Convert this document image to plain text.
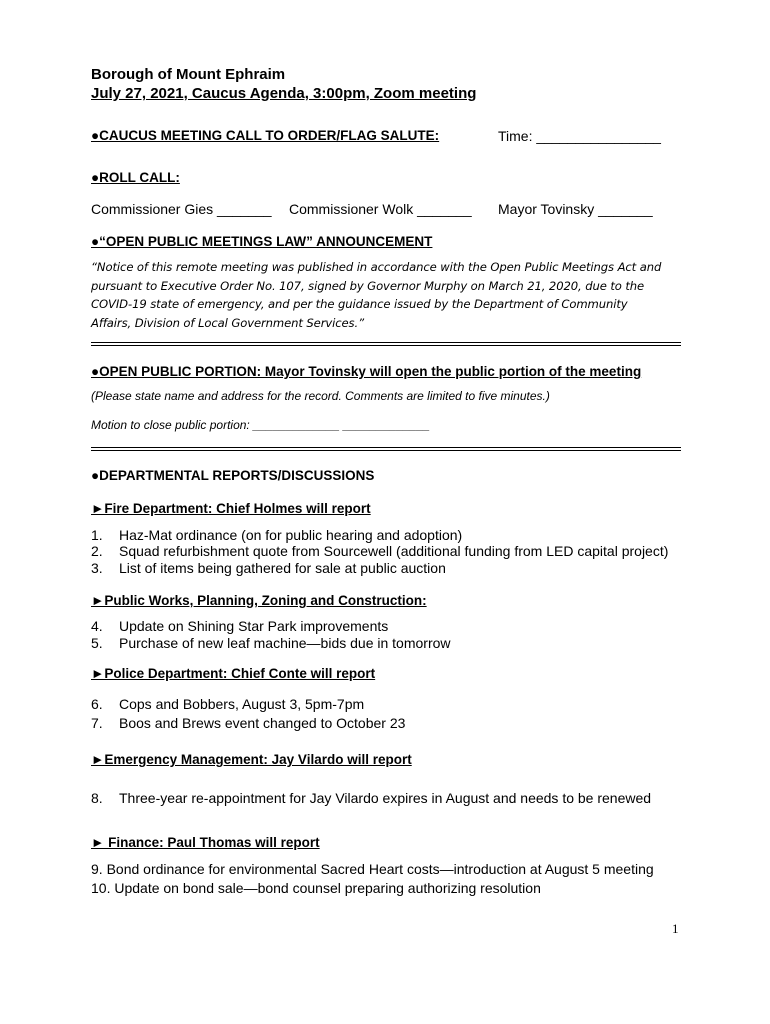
Borough of Mount Ephraim
July 27, 2021, Caucus Agenda, 3:00pm, Zoom meeting
●CAUCUS MEETING CALL TO ORDER/FLAG SALUTE:	Time: ________________
●ROLL CALL:
Commissioner Gies _______ Commissioner Wolk _______ Mayor Tovinsky _______
●“OPEN PUBLIC MEETINGS LAW” ANNOUNCEMENT
“Notice of this remote meeting was published in accordance with the Open Public Meetings Act and pursuant to Executive Order No. 107, signed by Governor Murphy on March 21, 2020, due to the COVID-19 state of emergency, and per the guidance issued by the Department of Community Affairs, Division of Local Government Services.”
●OPEN PUBLIC PORTION: Mayor Tovinsky will open the public portion of the meeting
(Please state name and address for the record. Comments are limited to five minutes.)
Motion to close public portion: _____________ _____________
●DEPARTMENTAL REPORTS/DISCUSSIONS
►Fire Department: Chief Holmes will report
1. Haz-Mat ordinance (on for public hearing and adoption)
2. Squad refurbishment quote from Sourcewell (additional funding from LED capital project)
3. List of items being gathered for sale at public auction
►Public Works, Planning, Zoning and Construction:
4. Update on Shining Star Park improvements
5. Purchase of new leaf machine—bids due in tomorrow
►Police Department: Chief Conte will report
6. Cops and Bobbers, August 3, 5pm-7pm
7. Boos and Brews event changed to October 23
►Emergency Management: Jay Vilardo will report
8. Three-year re-appointment for Jay Vilardo expires in August and needs to be renewed
► Finance: Paul Thomas will report
9. Bond ordinance for environmental Sacred Heart costs—introduction at August 5 meeting
10. Update on bond sale—bond counsel preparing authorizing resolution
1
